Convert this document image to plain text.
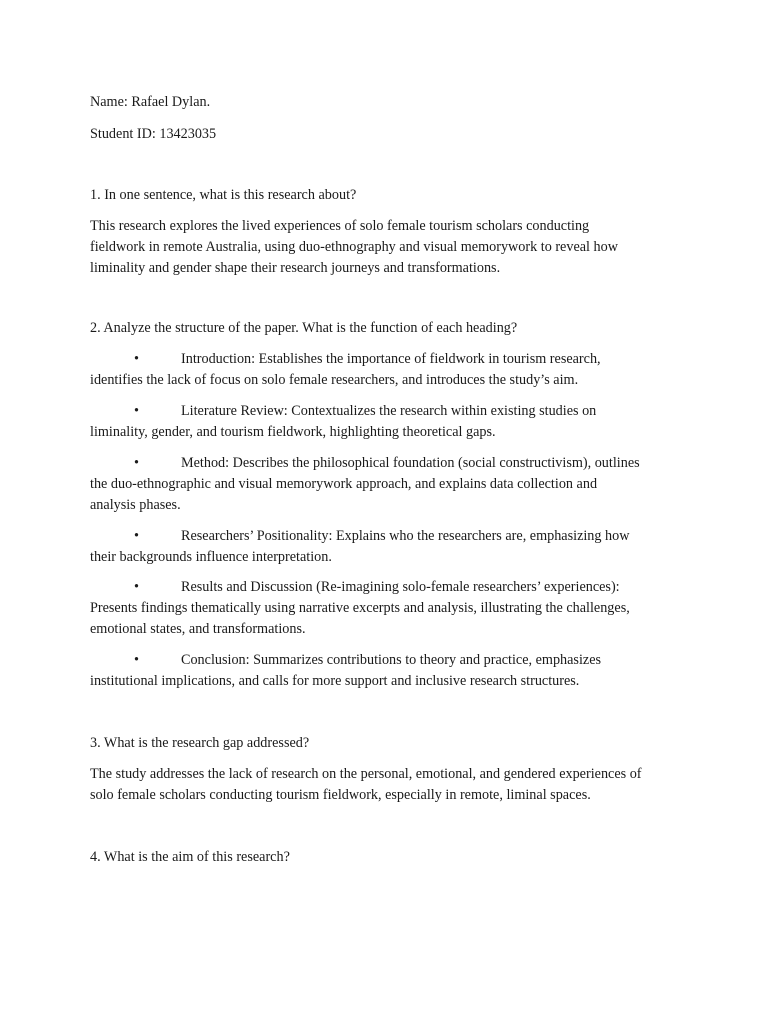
Name: Rafael Dylan.
Student ID: 13423035
1. In one sentence, what is this research about?
This research explores the lived experiences of solo female tourism scholars conducting
fieldwork in remote Australia, using duo-ethnography and visual memorywork to reveal how
liminality and gender shape their research journeys and transformations.
2. Analyze the structure of the paper. What is the function of each heading?
•	Introduction: Establishes the importance of fieldwork in tourism research,
identifies the lack of focus on solo female researchers, and introduces the study’s aim.
•	Literature Review: Contextualizes the research within existing studies on
liminality, gender, and tourism fieldwork, highlighting theoretical gaps.
•	Method: Describes the philosophical foundation (social constructivism), outlines
the duo-ethnographic and visual memorywork approach, and explains data collection and
analysis phases.
•	Researchers’ Positionality: Explains who the researchers are, emphasizing how
their backgrounds influence interpretation.
•	Results and Discussion (Re-imagining solo-female researchers’ experiences):
Presents findings thematically using narrative excerpts and analysis, illustrating the challenges,
emotional states, and transformations.
•	Conclusion: Summarizes contributions to theory and practice, emphasizes
institutional implications, and calls for more support and inclusive research structures.
3. What is the research gap addressed?
The study addresses the lack of research on the personal, emotional, and gendered experiences of
solo female scholars conducting tourism fieldwork, especially in remote, liminal spaces.
4. What is the aim of this research?
